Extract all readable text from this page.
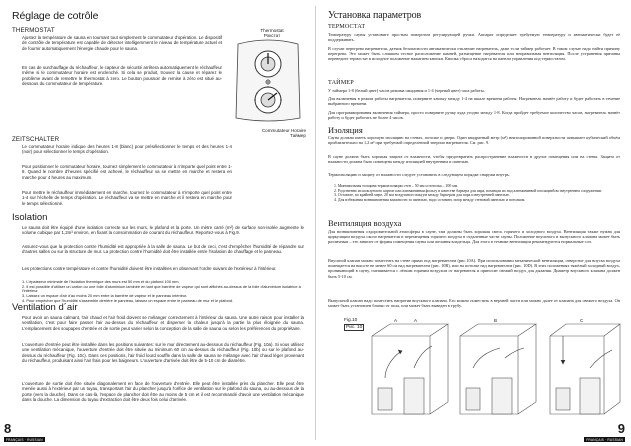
Réglage de cotrôle
THERMOSTAT
Ajustez la température de sauna en tournant tout simplement le commutateur d'opération. Le dispositif de contrôle de température est capable de détecter intelligemment le niveau de température actuel et de fournir automatiquement l'énergie chaude pour le sauna.
En cas de surchauffage du réchauffeur, le capteur de sécurité arrêtera automatiquement le réchauffeur même si le commutateur horaire est enclenché. Si cela se produit, trouvez la cause et réparez le problème avant de remettre le thermostat à zero. Le bouton poussoir de remise à zéro est situé au-dessous du commutateur de température.
Thermostat
Рокстат
Commutateur Horaire
Таймер
ZEITSCHALTER
Le commutateur horaire indique des heures 1-8 (blanc) pour présélectionner le temps et des heures 1-4 (noir) pour sélectionner le temps d'opération.
Pour positionner le commutateur horaire, tournez simplement le commutateur à n'importe quel point entre 1-8. Quand le nombre d'heures spécifié est achevé, le réchauffeur va se mettre en marche et restera en marche pour 4 heures au maximum.
Pour mettre le réchauffeur immédiatement en marche, tournez le commutateur à n'importe quel point entre 1-4 sur l'échelle de temps d'opération. Le réchauffeur va se mettre en marche et il restera en marche pour le temps sélectionné.
Isolation
Le sauna doit être équipé d'une isolation correcte sur les murs, le plafond et la porte. Un mètre carré (m²) de surface non-isolée augmente le volume cubique par 1,2m³ environ, en fixant la consommation de courant du réchauffeur. Reportez-vous à Fig.9.
Assurez-vous que la protection contre l'humidité est appropriée à la salle de sauna. Le but de ceci, c'est d'empêcher l'humidité de répandre sur d'autres salles ou sur la structure de mur. La protection contre l'humidité doit être installée entre l'isolation de chauffage et le panneau.
Les protections contre température et contre l'humidité doivent être installées en observant l'ordre suivant de l'extérieur à l'intérieur.
1. L'épaisseur minimale de l'isolation thermique des murs est 50 mm et du plafond 100 mm.
2. Il est possible d'utiliser un carton ou une folie d'aluminium laminée en tant que barrière de vapeur qui sont affichés au-dessus de la folie d'aluminium isolatrice à l'intérieur.
3. Laissez un espace d'air d'au moins 20 mm entre la barrière de vapeur et le panneau intérieur.
4. Pour empêcher que l'humidité s'assemble derrière le panneau, laissez un espace entre le panneau de mur et le plafond.
Ventilation d´air
Pour avoir un sauna calmant, l'air chaud et l'air froid doivent se mélanger correctement à l'intérieur du sauna. Une autre raison pour installer la ventilation, c'est pour faire passer l'air au-dessus du réchauffeur et disperser la chaleur jusqu'à la partie la plus éloignée du sauna. L'emplacement des soupapes d'entrée et de sortie peut varier selon la conception de la salle de sauna ou selon les préférences du propriétaire.
L'ouverture d'entrée peut être installée dans les positions suivantes: sur le mur directement au-dessous du réchauffeur (Fig. 10a). Si vous utilisez une ventilation mécanique, l'ouverture d'entrée doit être située au minimum 60 cm au-dessus du réchauffeur (Fig. 10b) ou sur le plafond au-dessus du réchauffeur (Fig. 10c). Dans ces positions, l'air froid lourd souffle dans la salle de sauna se mélange avec l'air chaud léger provenant du réchauffeur, produisant ainsi l'air frais pour les baigneurs. L'ouverture d'arrivée doit être de 5-10 cm de diamètre.
L'ouverture de sortie doit être située diagonalement en face de l'ouverture d'entrée. Elle peut être installée près du plancher. Elle peut être menée aussi à l'extérieur par un tuyau, transportant l'air du plancher jusqu'à l'orifice de ventilation sur le plafond du sauna, ou au-dessous de la porte (vers la douche). Dans ce cas-là, l'espace de plancher doit être au moins de 5 cm et il est recommandé d'avoir une ventilation mécanique dans la douche. La dimension du tuyau d'extraction doit être deux fois celui d'arrivée.
8
FRANÇAIS · RUSSIAN
Установка параметров
ТЕРМОСТАТ
Температуру сауны установите простым поворотом регулирующей ручки. Аппарат определяет требуемую температуру и автоматически будет её поддерживать.
В случае перегрева нагревателя, датчик безопасности автоматически отключит нагреватель, даже если таймер работает. В таком случае надо найти причину перегрева. Это может быть слишком тесное расположение камней, размещение нагревателя или неправильная вентиляция. После устранения причины переведите термостат в исходное положение нажатием кнопки. Кнопка сброса находится на панели управления под термостатом.
ТАЙМЕР
У таймера 1-8 (белый цвет) часов режима ожидания и 1-4 (черный цвет) часа работы.
Для включения в режим работы нагревателя, поверните кнопку между 1-4 на шкале времени работы. Нагреватель начнёт работу и будет работать в течение выбранного времени.
Для программирования включения таймера, просто поверните ручку куда угодно между 1-8. Когда пройдет требуемое количество часов, нагреватель начнёт работу и будет работать не более 4 часов.
Изоляция
Сауна должна иметь хорошую изоляцию на стенах, потолке и двери. Один квадратный метр (м²) неизолированной поверхности повышает кубический объём приблизительно на 1,2 м³ при требуемой определенной энергии нагревателя. См. рис. 9.
В сауне должна быть хорошая защита от влажности, чтобы предотвратить распространение влажности в другие помещения или на стены. Защита от влажности должна быть помещена между изоляцией внутренним и панелью.
Термоизоляцию и защиту от влажности следует установить в следующем порядке снаружи внутрь.
1. Минимальная толщина термоизоляции стен – 50 мм и потолка – 100 мм.
2. Родственно используемого картон или алюминиевая фольгу в качестве барьера для пара, помещая их над алюминиевой изоляцией во внутреннем сооружении.
3. Оставьте, по крайней мере, 20 мм воздушного вакуум между барьером для пара и внутренней панелью.
4. Для избежания возникновения влажности за панелью, надо оставить зазор между стеновой панелью и потолком.
Вентиляция воздуха
Для возникновения оздоровительной атмосферы в сауне, там должны быть хорошая смесь горячего и холодного воздуха. Вентиляция также нужна для циркуляции воздуха около нагревателя и перемещения горячего воздуха в отдаленные части сауны. Положение впускного и выпускного клапана может быть различным – это зависит от формы помещения сауны или желания владельца. Для этого в технике вентиляции рекомендуются нормальные соч.
Впускной клапан можно поместить на стене прямо под нагревателем (рис.10А). При использовании механической вентиляции, отверстие для впуска воздуха помещается на высоте не менее 60 см над нагревателем (рис. 10B), или на потолке над нагревателем (рис. 10D). В этих положениях тяжёлый холодный воздух, проникающий в сауну, смешивается с лёгким горячим воздухом от нагревателя и приносит свежий воздух для дыхания. Диаметр впускного клапана должен быть 5-10 см.
Выпускной клапан надо поместить напротив впускного клапана. Его можно поместить в верхней части или можно далее от клапана для свежего воздуха. Он может быть установлен близко от пола, или может быть выведен в трубу.
Fig.10
Рис. 10
A	A	B	C
9
FRANÇAIS · RUSSIAN
